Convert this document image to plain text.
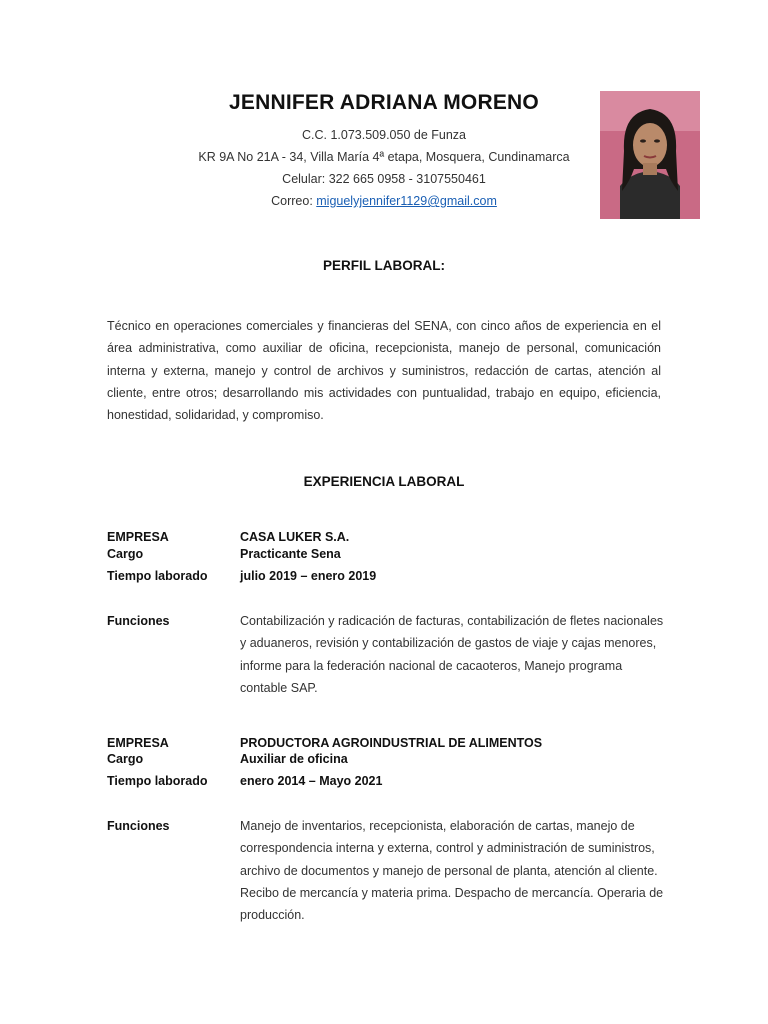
JENNIFER ADRIANA MORENO
C.C. 1.073.509.050 de Funza
KR 9A No 21A - 34, Villa María 4ª etapa, Mosquera, Cundinamarca
Celular: 322 665 0958 - 3107550461
Correo: miguelyjennifer1129@gmail.com
PERFIL LABORAL:
Técnico en operaciones comerciales y financieras del SENA, con cinco años de experiencia en el área administrativa, como auxiliar de oficina, recepcionista, manejo de personal, comunicación interna y externa, manejo y control de archivos y suministros, redacción de cartas, atención al cliente, entre otros; desarrollando mis actividades con puntualidad, trabajo en equipo, eficiencia, honestidad, solidaridad, y compromiso.
EXPERIENCIA LABORAL
EMPRESA	CASA LUKER S.A.
Cargo	Practicante Sena
Tiempo laborado	julio 2019 – enero 2019
Funciones	Contabilización y radicación de facturas, contabilización de fletes nacionales y aduaneros, revisión y contabilización de gastos de viaje y cajas menores, informe para la federación nacional de cacaoteros, Manejo programa contable SAP.
EMPRESA	PRODUCTORA AGROINDUSTRIAL DE ALIMENTOS
Cargo	Auxiliar de oficina
Tiempo laborado	enero 2014 – Mayo 2021
Funciones	Manejo de inventarios, recepcionista, elaboración de cartas, manejo de correspondencia interna y externa, control y administración de suministros, archivo de documentos y manejo de personal de planta, atención al cliente. Recibo de mercancía y materia prima. Despacho de mercancía. Operaria de producción.
